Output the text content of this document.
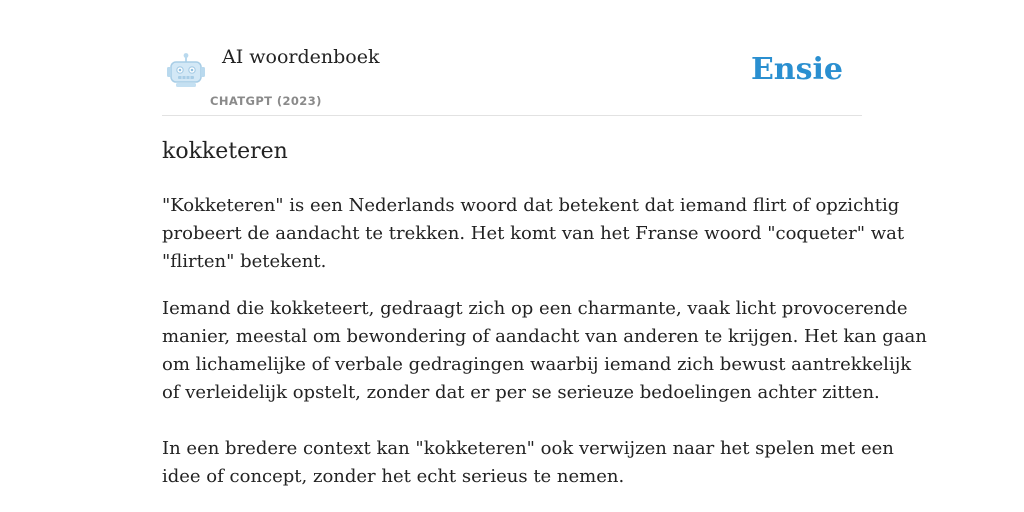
AI woordenboek
CHATGPT (2023)
Ensie
kokketeren

"Kokketeren" is een Nederlands woord dat betekent dat iemand flirt of opzichtig
probeert de aandacht te trekken. Het komt van het Franse woord "coqueter" wat
"flirten" betekent.

Iemand die kokketeert, gedraagt zich op een charmante, vaak licht provocerende
manier, meestal om bewondering of aandacht van anderen te krijgen. Het kan gaan
om lichamelijke of verbale gedragingen waarbij iemand zich bewust aantrekkelijk
of verleidelijk opstelt, zonder dat er per se serieuze bedoelingen achter zitten.

In een bredere context kan "kokketeren" ook verwijzen naar het spelen met een
idee of concept, zonder het echt serieus te nemen.
